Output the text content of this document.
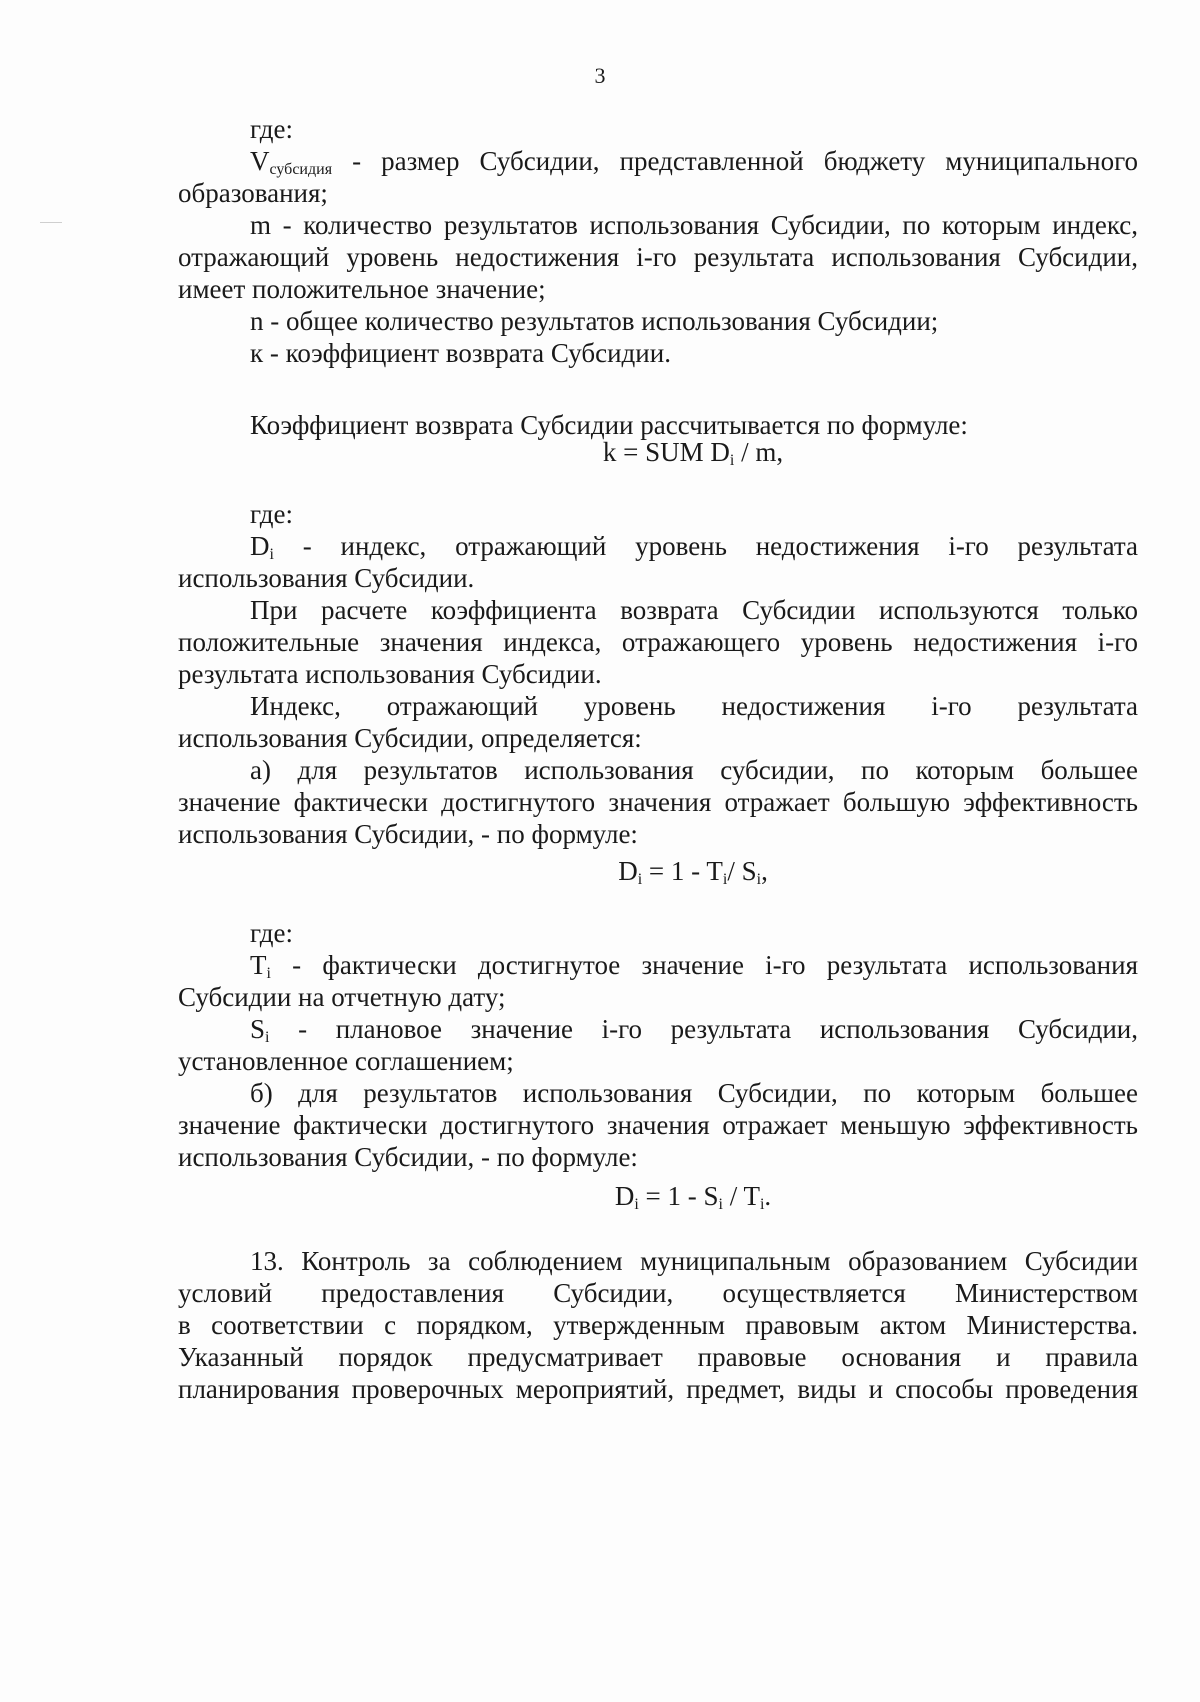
3

где:

$V_{субсидия}$ - размер Субсидии, представленной бюджету муниципального

образования;

m - количество результатов использования Субсидии, по которым индекс,

отражающий уровень недостижения i-го результата использования Субсидии,

имеет положительное значение;

n - общее количество результатов использования Субсидии;

к - коэффициент возврата Субсидии.

Коэффициент возврата Субсидии рассчитывается по формуле:

k = SUM $D_i$ / m,

где:

$D_i$ - индекс, отражающий уровень недостижения i-го результата

использования Субсидии.

При расчете коэффициента возврата Субсидии используются только

положительные значения индекса, отражающего уровень недостижения i-го

результата использования Субсидии.

Индекс, отражающий уровень недостижения i-го результата

использования Субсидии, определяется:

а) для результатов использования субсидии, по которым большее

значение фактически достигнутого значения отражает большую эффективность

использования Субсидии, - по формуле:

$D_i = 1 - T_i/$ $S_i$,

где:

$T_i$ - фактически достигнутое значение i-го результата использования

Субсидии на отчетную дату;

$S_i$ - плановое значение i-го результата использования Субсидии,

установленное соглашением;

б) для результатов использования Субсидии, по которым большее

значение фактически достигнутого значения отражает меньшую эффективность

использования Субсидии, - по формуле:

$D_i = 1 - S_i / T_i$.

13. Контроль за соблюдением муниципальным образованием Субсидии

условий предоставления Субсидии, осуществляется Министерством

в соответствии с порядком, утвержденным правовым актом Министерства.

Указанный порядок предусматривает правовые основания и правила

планирования проверочных мероприятий, предмет, виды и способы проведения
